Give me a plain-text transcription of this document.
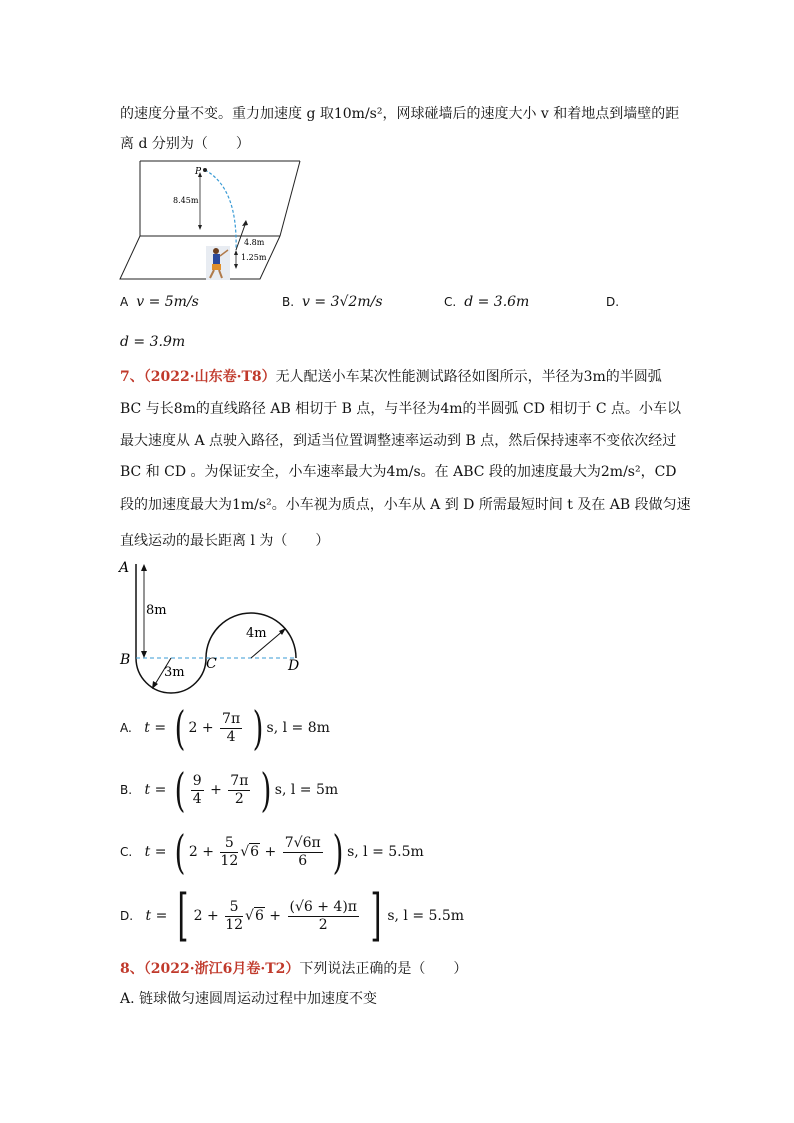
的速度分量不变。重力加速度 g 取10m/s²，网球碰墙后的速度大小 v 和着地点到墙壁的距
离 d 分别为（　　）
P
8.45m
4.8m
1.25m
A v = 5m/s	B. v = 3√2m/s	C. d = 3.6m	D.
d = 3.9m
7、（2022·山东卷·T8）无人配送小车某次性能测试路径如图所示，半径为3m的半圆弧
BC 与长8m的直线路径 AB 相切于 B 点，与半径为4m的半圆弧 CD 相切于 C 点。小车以
最大速度从 A 点驶入路径，到适当位置调整速率运动到 B 点，然后保持速率不变依次经过
BC 和 CD 。为保证安全，小车速率最大为4m/s。在 ABC 段的加速度最大为2m/s²，CD
段的加速度最大为1m/s²。小车视为质点，小车从 A 到 D 所需最短时间 t 及在 AB 段做匀速
直线运动的最长距离 l 为（　　）
A
B	C	D
8m
3m
4m
A. t = ( $2 + \frac{7\pi}{4}$ ) s, l = 8m
B. t = ( $\frac{9}{4} + \frac{7\pi}{2}$ ) s, l = 5m
C. t = ( $2 + \frac{5}{12} √6 + \frac{7√6\pi}{6}$ ) s, l = 5.5m
D. t = [ $2 + \frac{5}{12} √6 + \frac{(√6 + 4)\pi}{2}$ ] s, l = 5.5m
8、（2022·浙江6月卷·T2）下列说法正确的是（　　）
A. 链球做匀速圆周运动过程中加速度不变
